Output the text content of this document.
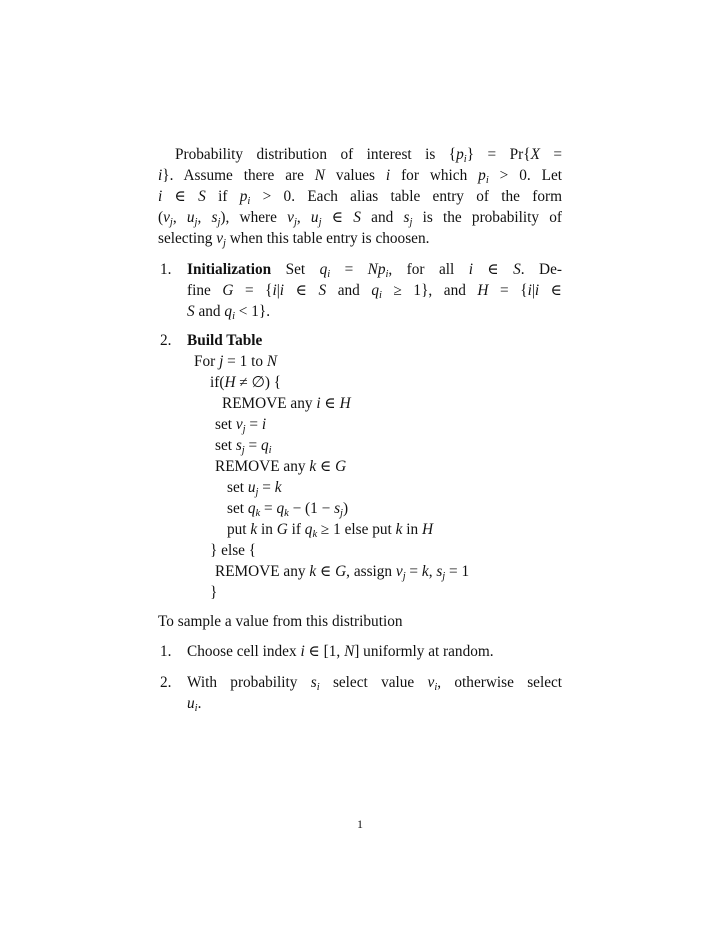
Probability distribution of interest is $\{p_i\} = Pr\{X$ =
i}. Assume there are N values i for which $p_i > 0$. Let
i ∈ S if $p_i > 0$. Each alias table entry of the form
($v_j$, $u_j$, $s_j$), where $v_j$, $u_j$ ∈ S and $s_j$ is the probability of
selecting $v_j$ when this table entry is choosen.
1. Initialization Set $q_i = Np_i$, for all i ∈ S. De-
fine G = {i|i ∈ S and $q_i \ge 1$}, and H = {i|i ∈
S and $q_i < 1$}.
2. Build Table
For j = 1 to N
if(H ≠ ∅) {
REMOVE any i ∈ H
set $v_j = i$
set $s_j = q_i$
REMOVE any k ∈ G
set $u_j = k$
set $q_k = q_k - (1 - s_j)$
put k in G if $q_k \ge 1$ else put k in H
} else {
REMOVE any k ∈ G, assign $v_j = k$, $s_j = 1$
}
To sample a value from this distribution
1. Choose cell index i ∈ [1, N] uniformly at random.
2. With probability $s_i$ select value $v_i$, otherwise select
$u_i$.
1
